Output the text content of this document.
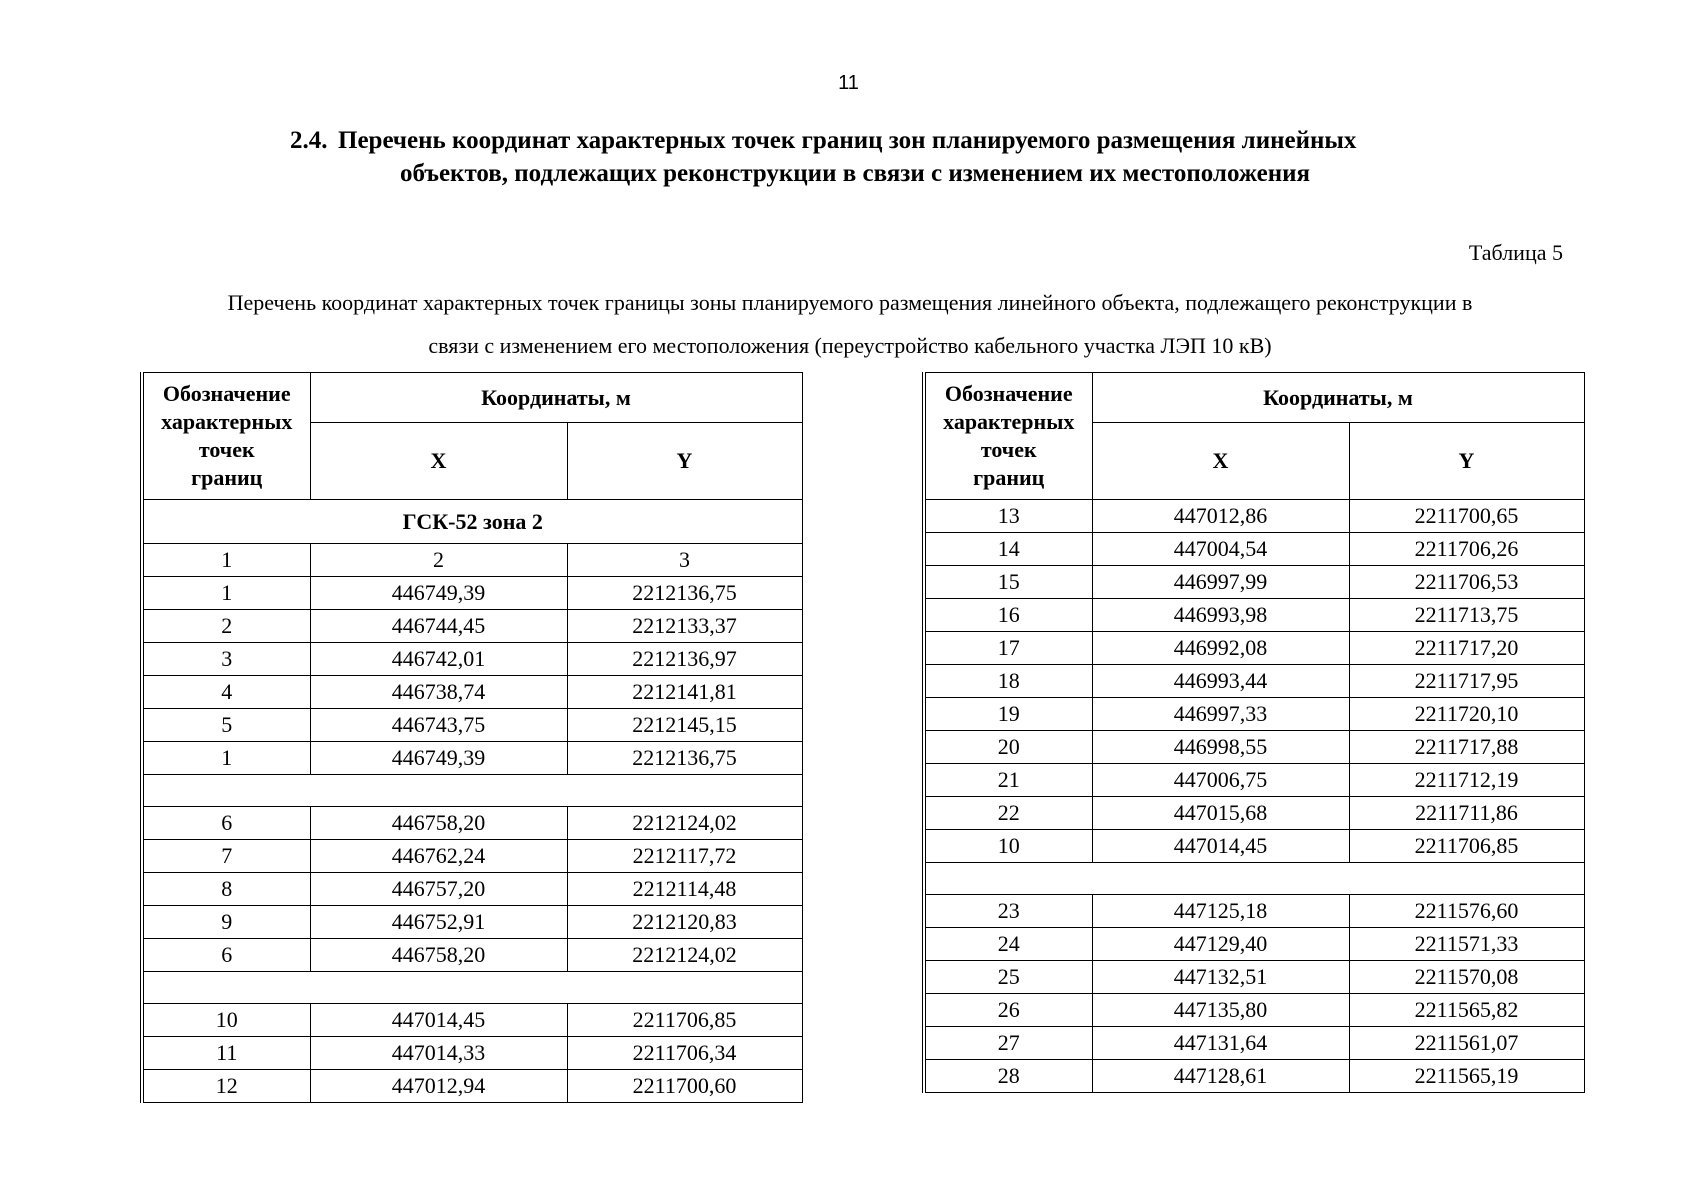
11
2.4. Перечень координат характерных точек границ зон планируемого размещения линейных
объектов, подлежащих реконструкции в связи с изменением их местоположения
Таблица 5
Перечень координат характерных точек границы зоны планируемого размещения линейного объекта, подлежащего реконструкции в
связи с изменением его местоположения (переустройство кабельного участка ЛЭП 10 кВ)
Обозначение
характерных
точек
границ	Координаты, м	
	X	Y
ГСК-52 зона 2		
1	2	3
1	446749,39	2212136,75
2	446744,45	2212133,37
3	446742,01	2212136,97
4	446738,74	2212141,81
5	446743,75	2212145,15
1	446749,39	2212136,75

6	446758,20	2212124,02
7	446762,24	2212117,72
8	446757,20	2212114,48
9	446752,91	2212120,83
6	446758,20	2212124,02

10	447014,45	2211706,85
11	447014,33	2211706,34
12	447012,94	2211700,60
Обозначение
характерных
точек
границ	Координаты, м	
	X	Y
13	447012,86	2211700,65
14	447004,54	2211706,26
15	446997,99	2211706,53
16	446993,98	2211713,75
17	446992,08	2211717,20
18	446993,44	2211717,95
19	446997,33	2211720,10
20	446998,55	2211717,88
21	447006,75	2211712,19
22	447015,68	2211711,86
10	447014,45	2211706,85

23	447125,18	2211576,60
24	447129,40	2211571,33
25	447132,51	2211570,08
26	447135,80	2211565,82
27	447131,64	2211561,07
28	447128,61	2211565,19
